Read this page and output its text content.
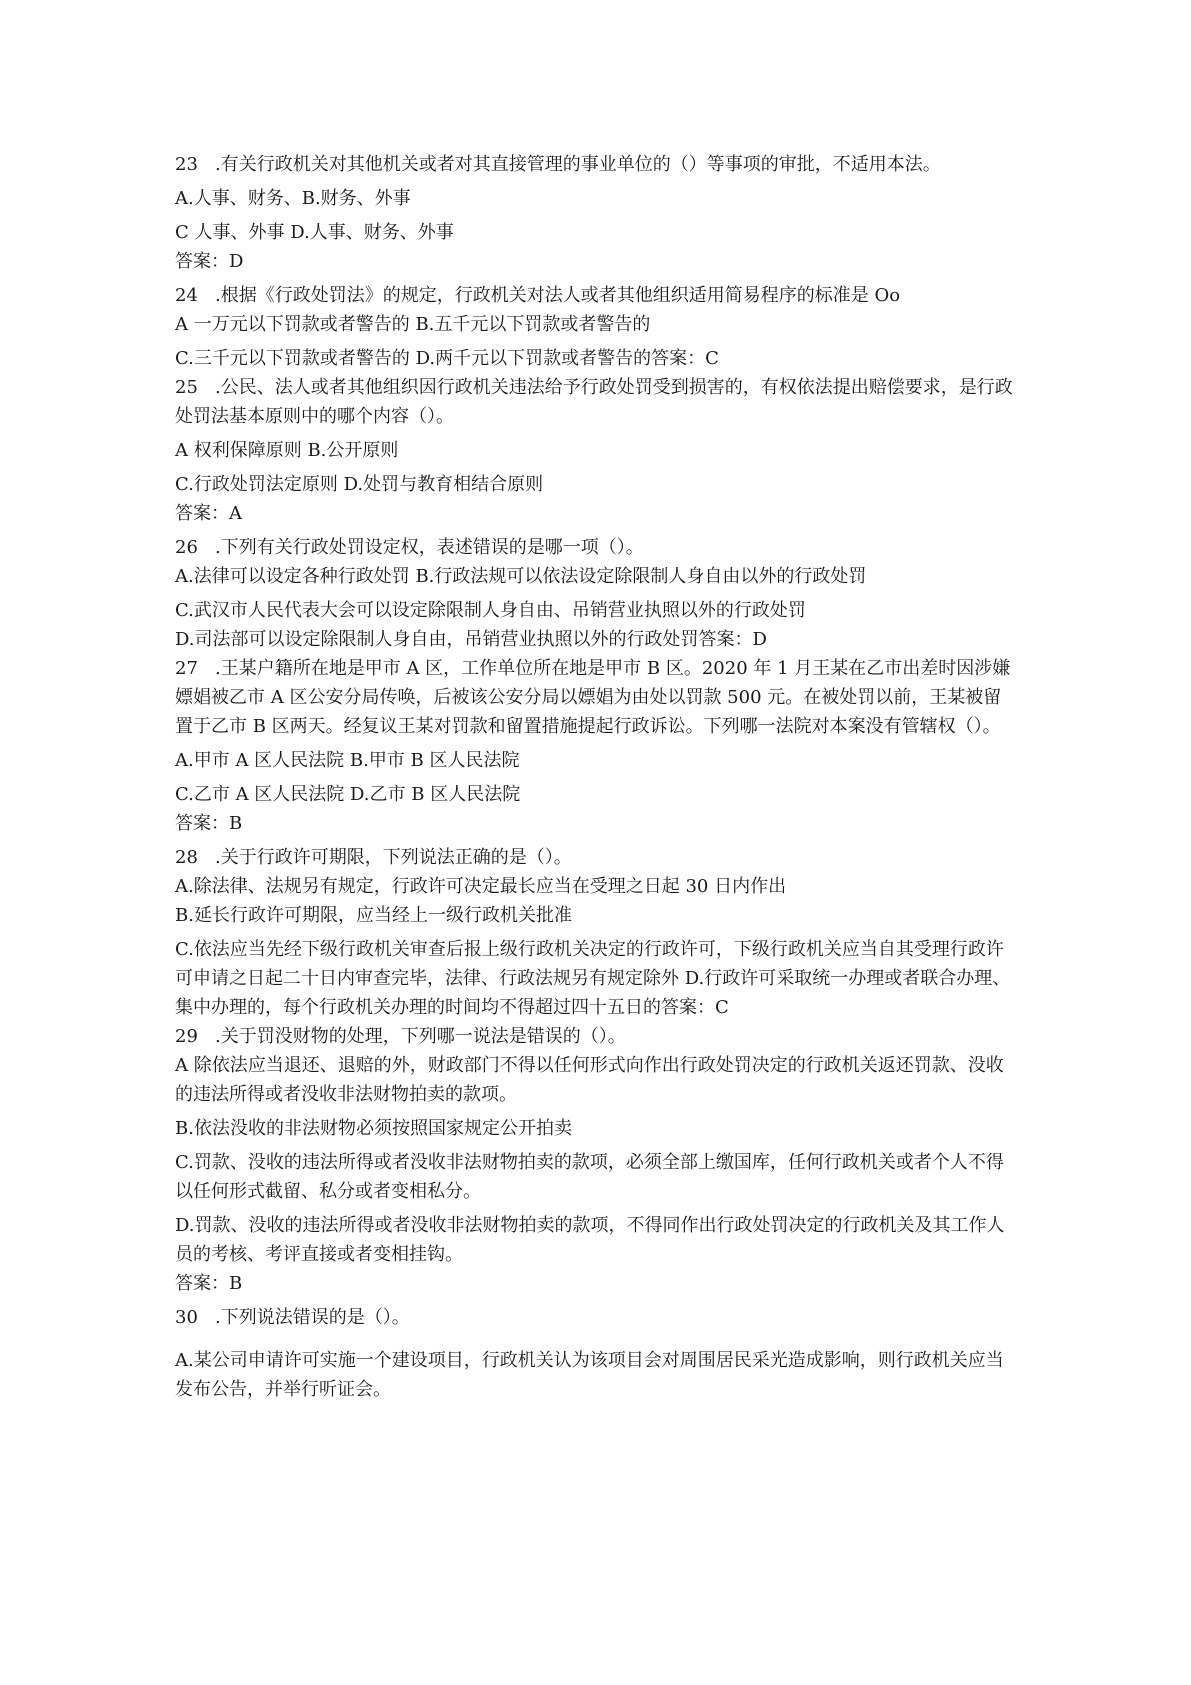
23 .有关行政机关对其他机关或者对其直接管理的事业单位的（）等事项的审批，不适用本法。

A.人事、财务、B.财务、外事

C 人事、外事 D.人事、财务、外事

答案：D

24 .根据《行政处罚法》的规定，行政机关对法人或者其他组织适用简易程序的标准是 Oo

A 一万元以下罚款或者警告的 B.五千元以下罚款或者警告的

C.三千元以下罚款或者警告的 D.两千元以下罚款或者警告的答案：C

25 .公民、法人或者其他组织因行政机关违法给予行政处罚受到损害的，有权依法提出赔偿要求，是行政处罚法基本原则中的哪个内容（）。

A 权利保障原则 B.公开原则

C.行政处罚法定原则 D.处罚与教育相结合原则

答案：A

26 .下列有关行政处罚设定权，表述错误的是哪一项（）。

A.法律可以设定各种行政处罚 B.行政法规可以依法设定除限制人身自由以外的行政处罚

C.武汉市人民代表大会可以设定除限制人身自由、吊销营业执照以外的行政处罚

D.司法部可以设定除限制人身自由，吊销营业执照以外的行政处罚答案：D

27 .王某户籍所在地是甲市 A 区，工作单位所在地是甲市 B 区。2020 年 1 月王某在乙市出差时因涉嫌嫖娼被乙市 A 区公安分局传唤，后被该公安分局以嫖娼为由处以罚款 500 元。在被处罚以前，王某被留置于乙市 B 区两天。经复议王某对罚款和留置措施提起行政诉讼。下列哪一法院对本案没有管辖权（）。

A.甲市 A 区人民法院 B.甲市 B 区人民法院

C.乙市 A 区人民法院 D.乙市 B 区人民法院

答案：B

28 .关于行政许可期限，下列说法正确的是（）。

A.除法律、法规另有规定，行政许可决定最长应当在受理之日起 30 日内作出

B.延长行政许可期限，应当经上一级行政机关批准

C.依法应当先经下级行政机关审查后报上级行政机关决定的行政许可，下级行政机关应当自其受理行政许可申请之日起二十日内审查完毕，法律、行政法规另有规定除外 D.行政许可采取统一办理或者联合办理、集中办理的，每个行政机关办理的时间均不得超过四十五日的答案：C

29 .关于罚没财物的处理，下列哪一说法是错误的（）。

A 除依法应当退还、退赔的外，财政部门不得以任何形式向作出行政处罚决定的行政机关返还罚款、没收的违法所得或者没收非法财物拍卖的款项。

B.依法没收的非法财物必须按照国家规定公开拍卖

C.罚款、没收的违法所得或者没收非法财物拍卖的款项，必须全部上缴国库，任何行政机关或者个人不得以任何形式截留、私分或者变相私分。

D.罚款、没收的违法所得或者没收非法财物拍卖的款项，不得同作出行政处罚决定的行政机关及其工作人员的考核、考评直接或者变相挂钩。

答案：B

30 .下列说法错误的是（）。

A.某公司申请许可实施一个建设项目，行政机关认为该项目会对周围居民采光造成影响，则行政机关应当发布公告，并举行听证会。
